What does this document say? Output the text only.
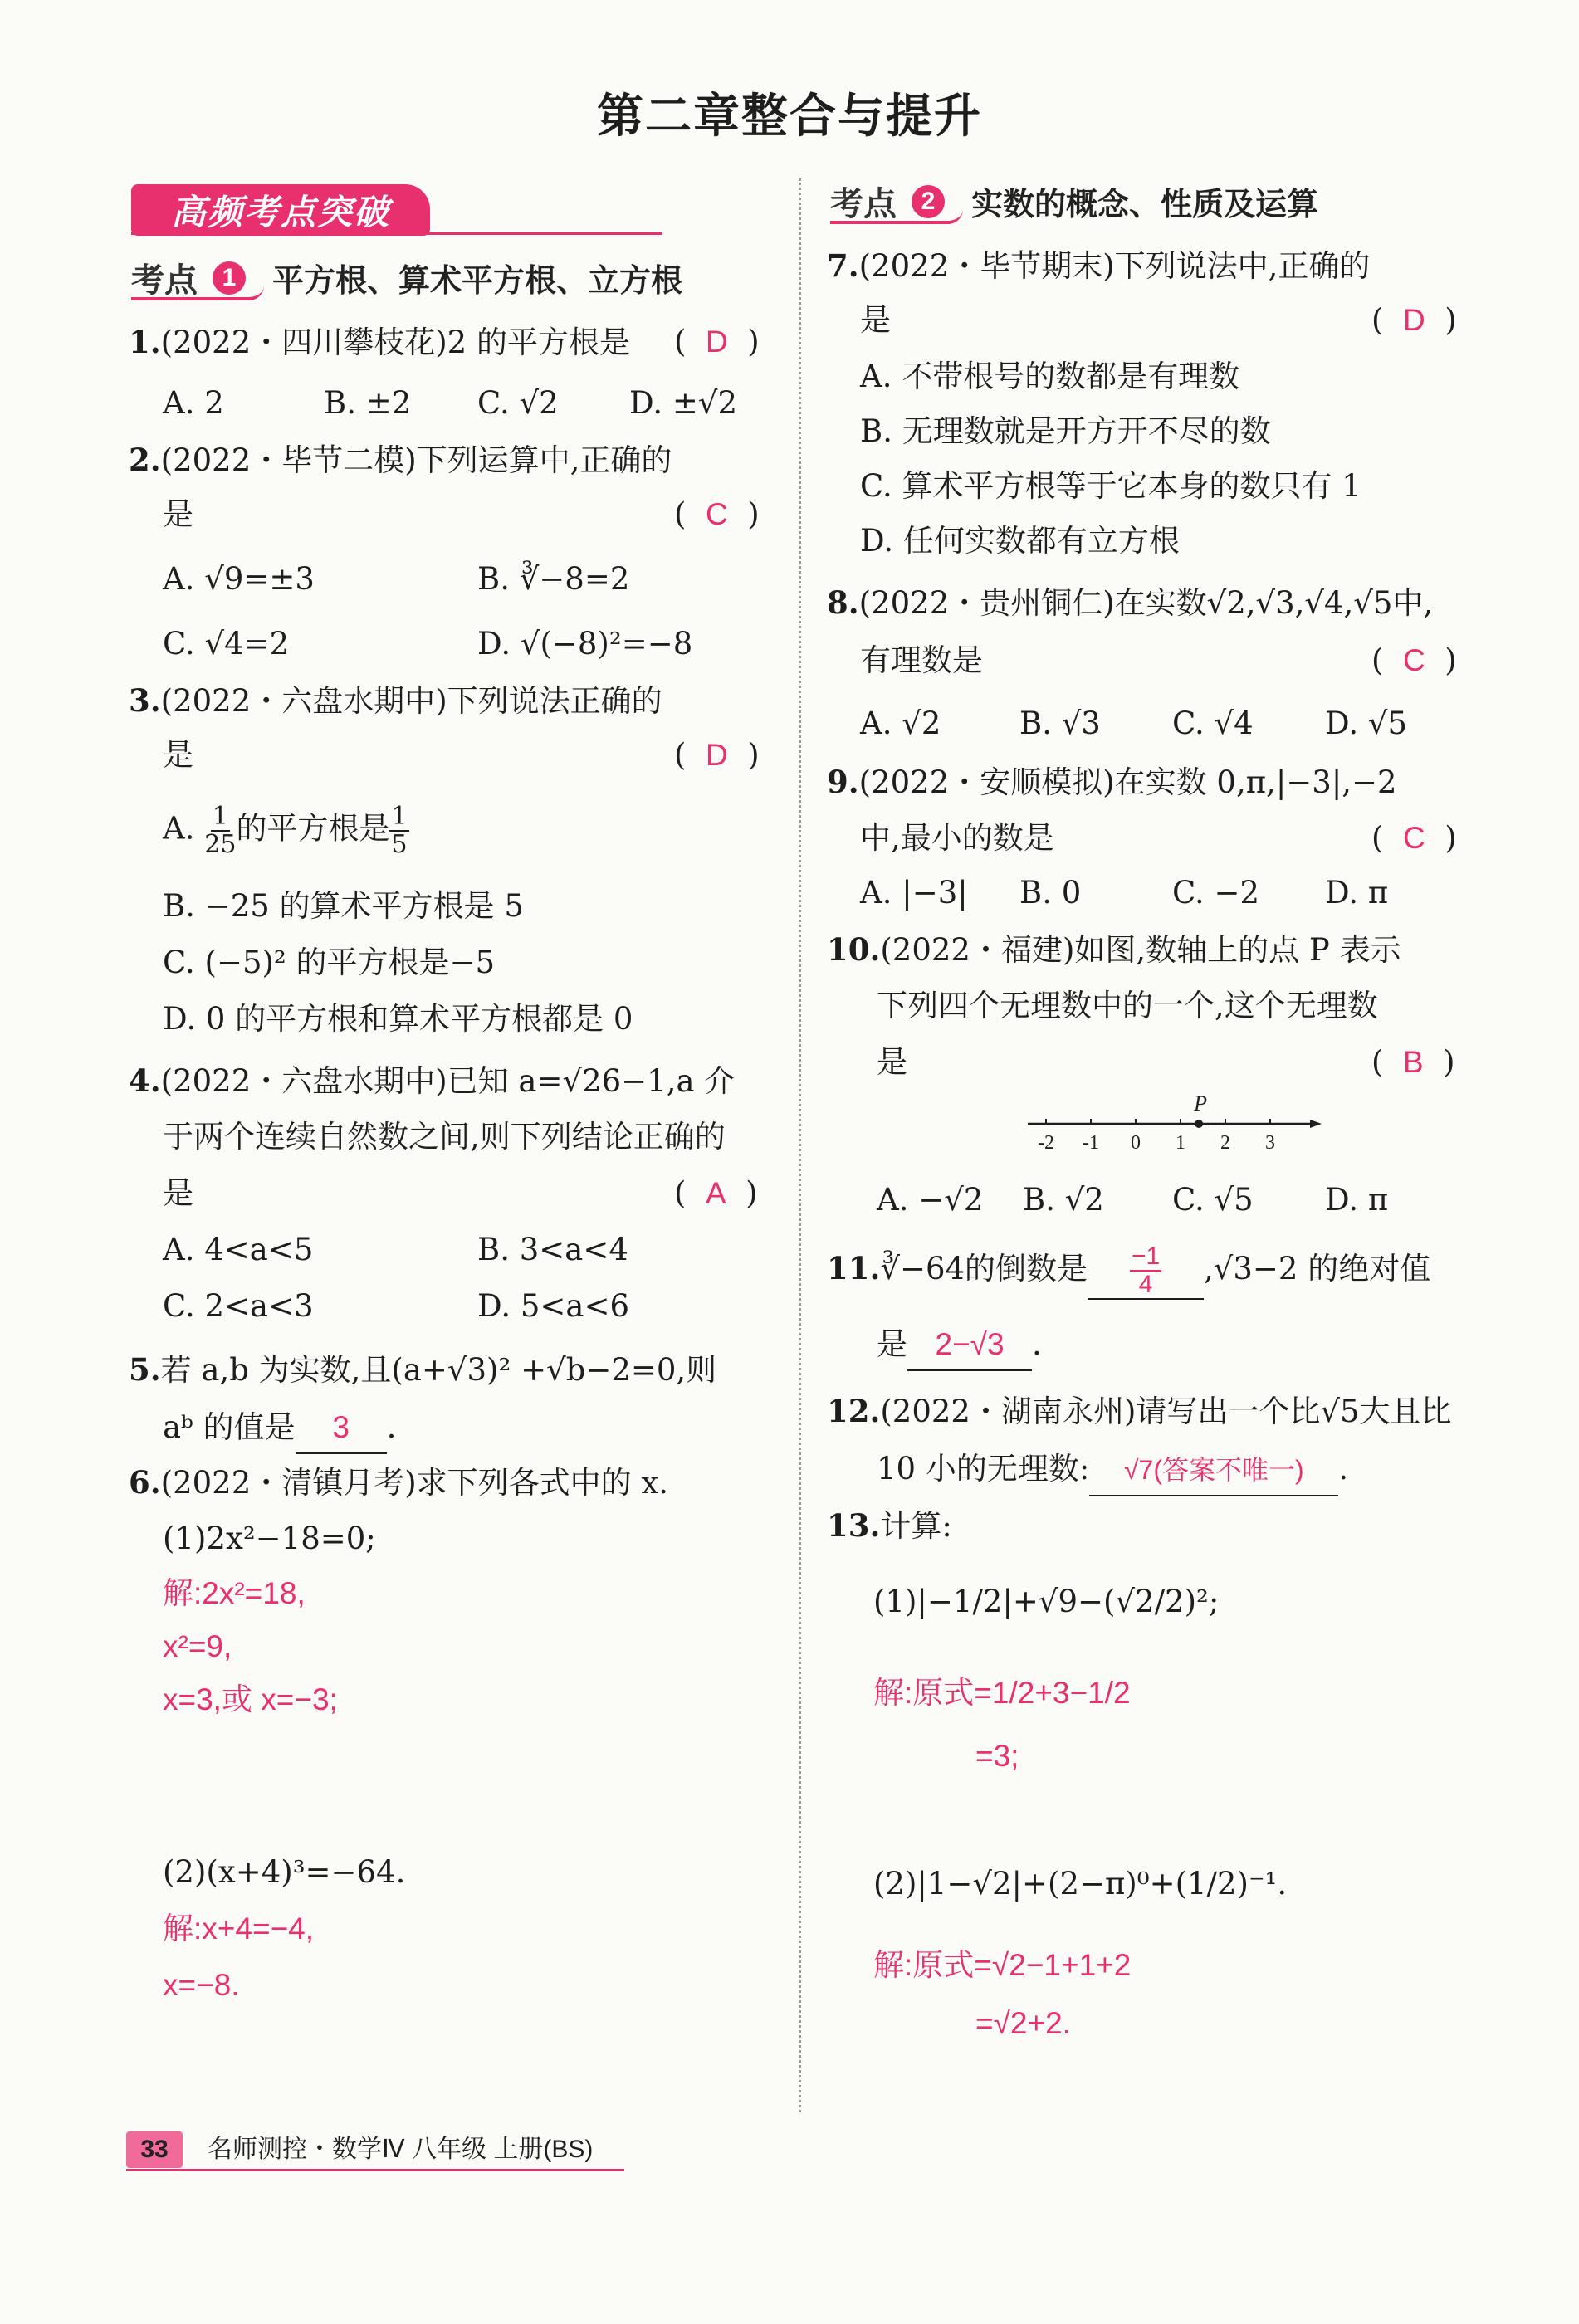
第二章整合与提升
高频考点突破
考点 1	平方根、算术平方根、立方根
1.(2022・四川攀枝花)2 的平方根是 (  D  )
A. 2	B. ±2 C. √2 D. ±√2
2.(2022・毕节二模)下列运算中,正确的
是	(  C  )
A. √9=±3	B. ∛−8=2
C. √4=2	D. √(−8)²=−8
3.(2022・六盘水期中)下列说法正确的
是	(  D  )
A. $\frac{1}{25}$ 的平方根是 $\frac{1}{5}$
B. −25 的算术平方根是 5
C. (−5)² 的平方根是−5
D. 0 的平方根和算术平方根都是 0
4.(2022・六盘水期中)已知 a=√26−1,a 介
于两个连续自然数之间,则下列结论正确的
是	(  A  )
A. 4<a<5	B. 3<a<4
C. 2<a<3	D. 5<a<6
5.若 a,b 为实数,且(a+√3)² +√b−2=0,则
aᵇ 的值是 3 .
6.(2022・清镇月考)求下列各式中的 x.
(1)2x²−18=0;
解:2x²=18,
x²=9,
x=3,或 x=−3;
(2)(x+4)³=−64.
解:x+4=−4,
x=−8.
考点 2	实数的概念、性质及运算
7.(2022・毕节期末)下列说法中,正确的
是	(  D  )
A. 不带根号的数都是有理数
B. 无理数就是开方开不尽的数
C. 算术平方根等于它本身的数只有 1
D. 任何实数都有立方根
8.(2022・贵州铜仁)在实数√2,√3,√4,√5中,
有理数是	(  C  )
A. √2	B. √3 C. √4 D. √5
9.(2022・安顺模拟)在实数 0,π,|−3|,−2
中,最小的数是	(  C  )
A. |−3| B. 0	C. −2 D. π
10.(2022・福建)如图,数轴上的点 P 表示
下列四个无理数中的一个,这个无理数
是	(  B  )
-2 -1 0 1 2 3
P
A. −√2 B. √2 C. √5 D. π
11.∛−64的倒数是 $\frac{-1}{4} ,√3-2$ 的绝对值
是 2−√3 .
12.(2022・湖南永州)请写出一个比√5大且比
10 小的无理数: √7(答案不唯一) .
13.计算:
(1)|−1/2|+√9−(√2/2)²;
解:原式=1/2+3−1/2
=3;
(2)|1−√2|+(2−π)⁰+(1/2)⁻¹.
解:原式=√2−1+1+2
=√2+2.
33	名师测控・数学Ⅳ 八年级 上册(BS)
